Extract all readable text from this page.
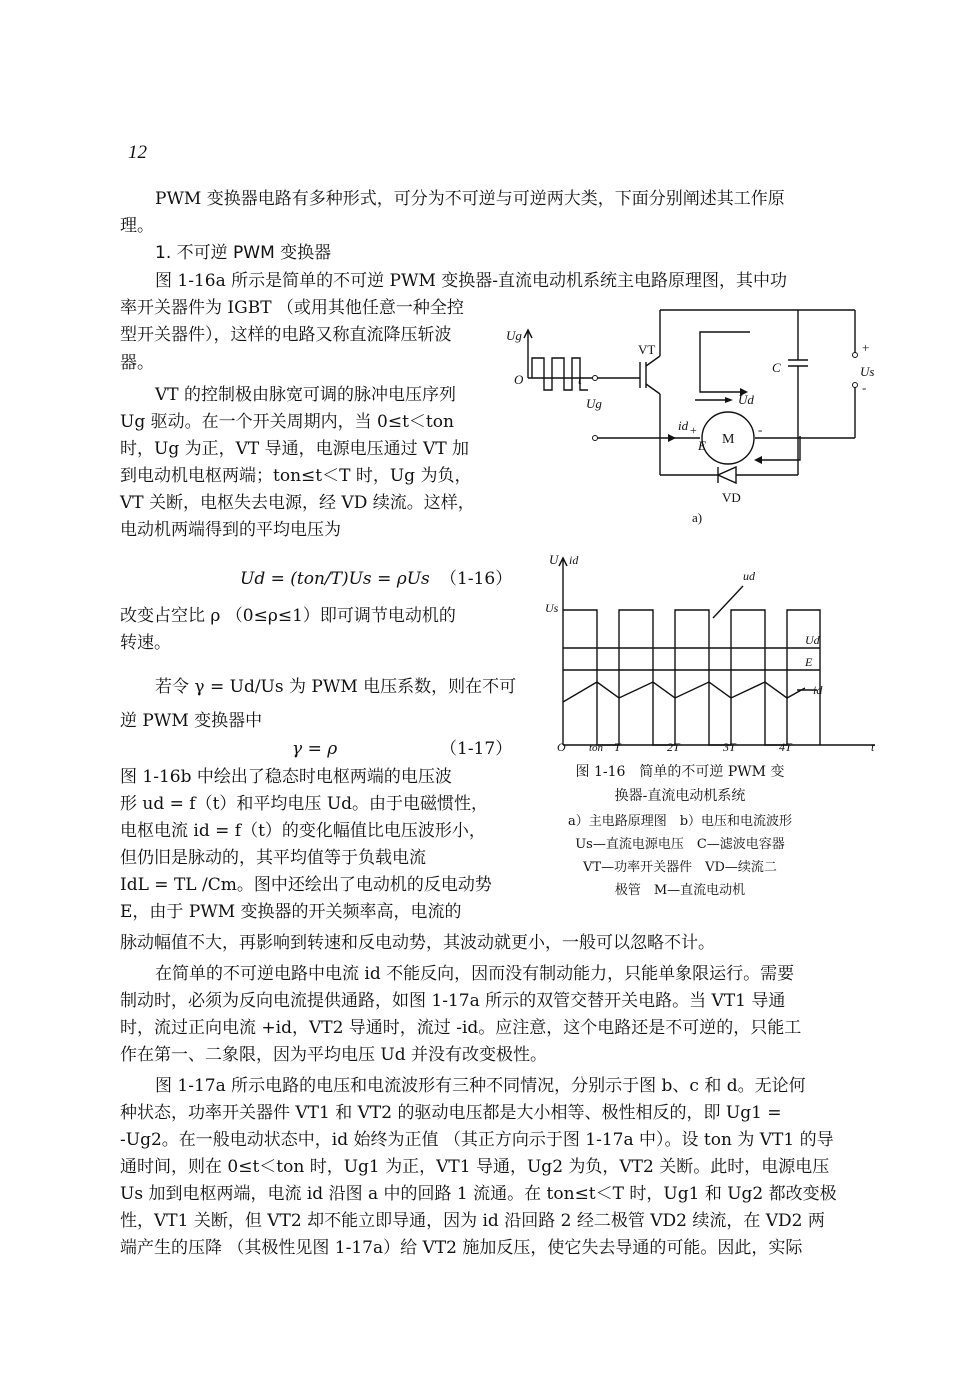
12
PWM 变换器电路有多种形式，可分为不可逆与可逆两大类，下面分别阐述其工作原
理。
1. 不可逆 PWM 变换器
图 1-16a 所示是简单的不可逆 PWM 变换器-直流电动机系统主电路原理图，其中功
率开关器件为 IGBT （或用其他任意一种全控
型开关器件），这样的电路又称直流降压斩波
器。
VT 的控制极由脉宽可调的脉冲电压序列
Ug 驱动。在一个开关周期内，当 0≤t＜ton
时，Ug 为正，VT 导通，电源电压通过 VT 加
到电动机电枢两端；ton≤t＜T 时，Ug 为负，
VT 关断，电枢失去电源，经 VD 续流。这样，
电动机两端得到的平均电压为
Ud = (ton/T)Us = ρUs （1-16）
改变占空比 ρ （0≤ρ≤1）即可调节电动机的
转速。
若令 γ = Ud/Us 为 PWM 电压系数，则在不可
逆 PWM 变换器中
γ = ρ	（1-17）
图 1-16b 中绘出了稳态时电枢两端的电压波
形 ud = f（t）和平均电压 Ud。由于电磁惯性，
电枢电流 id = f（t）的变化幅值比电压波形小，
但仍旧是脉动的，其平均值等于负载电流
IdL = TL /Cm。图中还绘出了电动机的反电动势
E，由于 PWM 变换器的开关频率高，电流的
脉动幅值不大，再影响到转速和反电动势，其波动就更小，一般可以忽略不计。
在简单的不可逆电路中电流 id 不能反向，因而没有制动能力，只能单象限运行。需要
制动时，必须为反向电流提供通路，如图 1-17a 所示的双管交替开关电路。当 VT1 导通
时，流过正向电流 +id，VT2 导通时，流过 -id。应注意，这个电路还是不可逆的，只能工
作在第一、二象限，因为平均电压 Ud 并没有改变极性。
图 1-17a 所示电路的电压和电流波形有三种不同情况，分别示于图 b、c 和 d。无论何
种状态，功率开关器件 VT1 和 VT2 的驱动电压都是大小相等、极性相反的，即 Ug1 =
-Ug2。在一般电动状态中，id 始终为正值 （其正方向示于图 1-17a 中）。设 ton 为 VT1 的导
通时间，则在 0≤t＜ton 时，Ug1 为正，VT1 导通，Ug2 为负，VT2 关断。此时，电源电压
Us 加到电枢两端，电流 id 沿图 a 中的回路 1 流通。在 ton≤t＜T 时，Ug1 和 Ug2 都改变极
性，VT1 关断，但 VT2 却不能立即导通，因为 id 沿回路 2 经二极管 VD2 续流，在 VD2 两
端产生的压降 （其极性见图 1-17a）给 VT2 施加反压，使它失去导通的可能。因此，实际
Ug
O	t
Ug
VT
C
+
Us
-
Ud
id +
E M
-
VD
a)
U id
Us
ud
Ud
E
id
O ton T	2T	3T	4T	t
图 1-16　简单的不可逆 PWM 变
换器-直流电动机系统
a）主电路原理图　b）电压和电流波形
Us—直流电源电压　C—滤波电容器
VT—功率开关器件　VD—续流二
极管　M—直流电动机
